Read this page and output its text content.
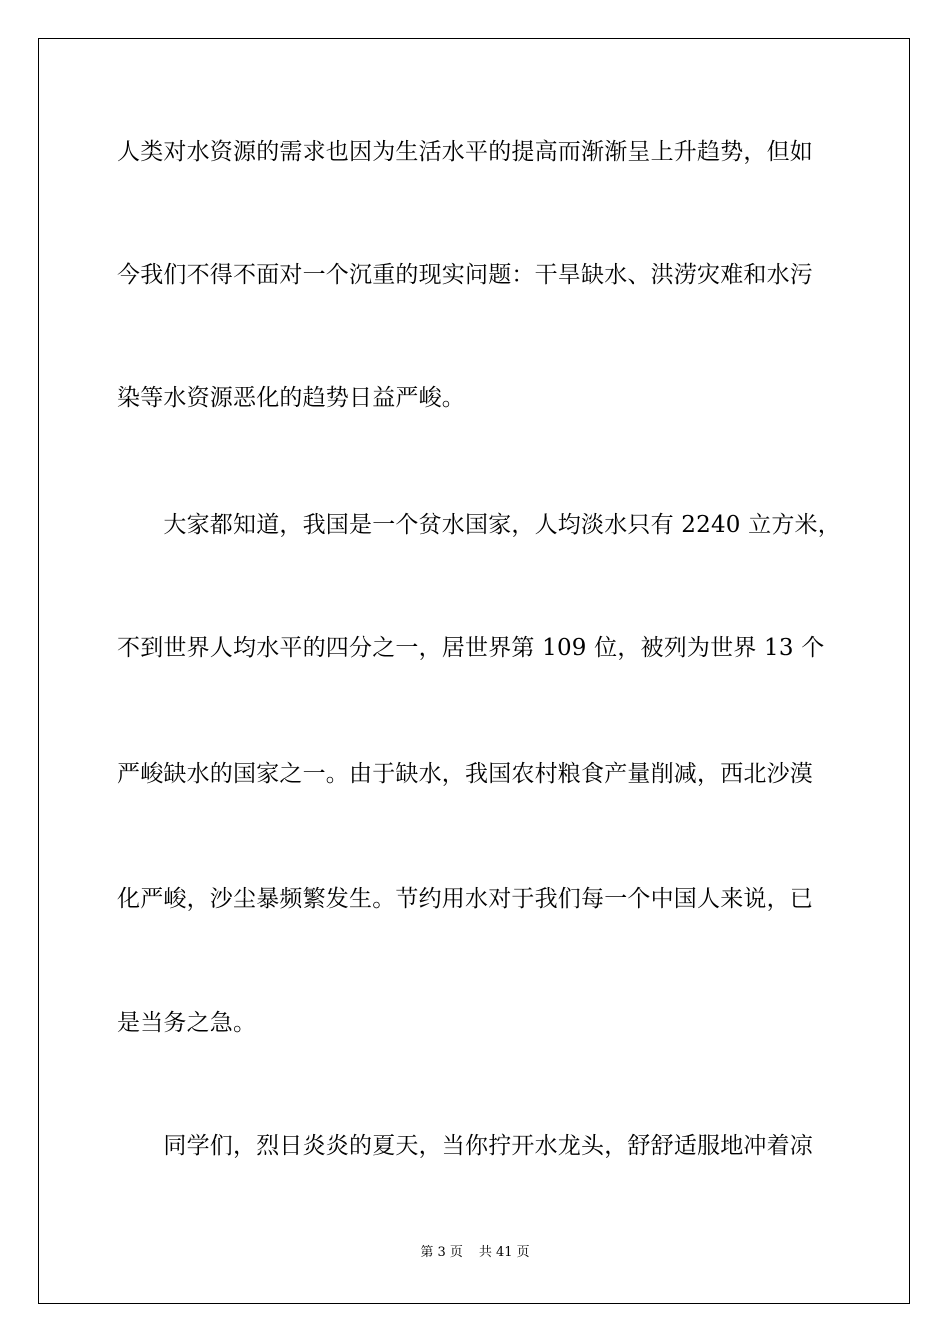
人类对水资源的需求也因为生活水平的提高而渐渐呈上升趋势，但如
今我们不得不面对一个沉重的现实问题：干旱缺水、洪涝灾难和水污
染等水资源恶化的趋势日益严峻。
　　大家都知道，我国是一个贫水国家，人均淡水只有 2240 立方米，
不到世界人均水平的四分之一，居世界第 109 位，被列为世界 13 个
严峻缺水的国家之一。由于缺水，我国农村粮食产量削减，西北沙漠
化严峻，沙尘暴频繁发生。节约用水对于我们每一个中国人来说，已
是当务之急。
　　同学们，烈日炎炎的夏天，当你拧开水龙头，舒舒适服地冲着凉
第 3 页 共 41 页
